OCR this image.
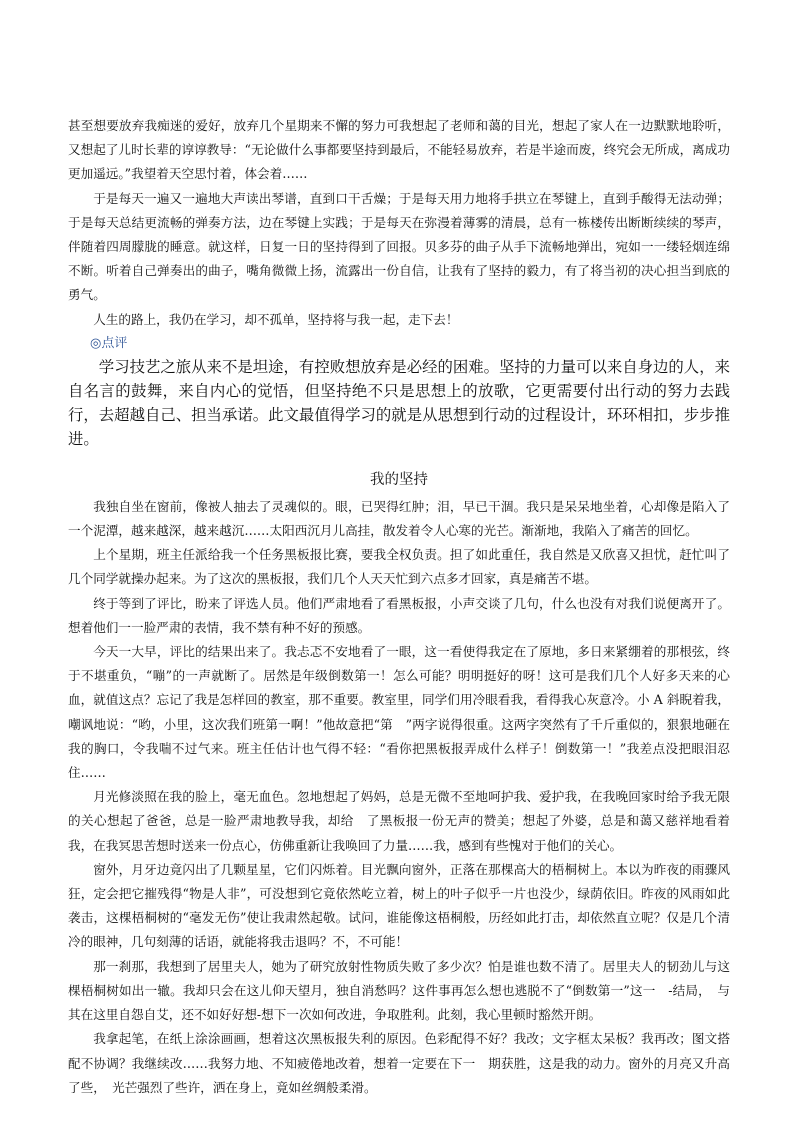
甚至想要放弃我痴迷的爱好，放弃几个星期来不懈的努力可我想起了老师和蔼的目光，想起了家人在一边默默地聆听，又想起了儿时长辈的谆谆教导：“无论做什么事都要坚持到最后，不能轻易放弃，若是半途而废，终究会无所成，离成功更加遥远。”我望着天空思忖着，体会着……

于是每天一遍又一遍地大声读出琴谱，直到口干舌燥；于是每天用力地将手拱立在琴键上，直到手酸得无法动弹；于是每天总结更流畅的弹奏方法，边在琴键上实践；于是每天在弥漫着薄雾的清晨，总有一栋楼传出断断续续的琴声，伴随着四周朦胧的睡意。就这样，日复一日的坚持得到了回报。贝多芬的曲子从手下流畅地弹出，宛如一一缕轻烟连绵不断。听着自己弹奏出的曲子，嘴角微微上扬，流露出一份自信，让我有了坚持的毅力，有了将当初的决心担当到底的勇气。

人生的路上，我仍在学习，却不孤单，坚持将与我一起，走下去！

◎点评

学习技艺之旅从来不是坦途，有控败想放弃是必经的困难。坚持的力量可以来自身边的人，来自名言的鼓舞，来自内心的觉悟，但坚持绝不只是思想上的放歌，它更需要付出行动的努力去践行，去超越自己、担当承诺。此文最值得学习的就是从思想到行动的过程设计，环环相扣，步步推进。

我的坚持

我独自坐在窗前，像被人抽去了灵魂似的。眼，已哭得红肿；泪，早已干涸。我只是呆呆地坐着，心却像是陷入了一个泥潭，越来越深，越来越沉……太阳西沉月儿高挂，散发着令人心寒的光芒。渐渐地，我陷入了痛苦的回忆。

上个星期，班主任派给我一个任务黑板报比赛，要我全权负责。担了如此重任，我自然是又欣喜又担忧，赶忙叫了几个同学就操办起来。为了这次的黑板报，我们几个人天天忙到六点多才回家，真是痛苦不堪。

终于等到了评比，盼来了评选人员。他们严肃地看了看黑板报，小声交谈了几句，什么也没有对我们说便离开了。想着他们一一脸严肃的表情，我不禁有种不好的预感。

今天一大早，评比的结果出来了。我忐忑不安地看了一眼，这一看使得我定在了原地，多日来紧绷着的那根弦，终于不堪重负，“嘣”的一声就断了。居然是年级倒数第一！怎么可能？明明挺好的呀！这可是我们几个人好多天来的心血，就值这点？忘记了我是怎样回的教室，那不重要。教室里，同学们用冷眼看我，看得我心灰意冷。小 A 斜睨着我，嘲讽地说：“哟，小里，这次我们班第一啊！”他故意把“第　”两字说得很重。这两字突然有了千斤重似的，狠狠地砸在我的胸口，令我喘不过气来。班主任估计也气得不轻：“看你把黑板报弄成什么样子！倒数第一！”我差点没把眼泪忍住……

月光修淡照在我的脸上，毫无血色。忽地想起了妈妈，总是无微不至地呵护我、爱护我，在我晚回家时给予我无限的关心想起了爸爸，总是一脸严肃地教导我，却给　了黑板报一份无声的赞美；想起了外婆，总是和蔼又慈祥地看着我，在我冥思苦想时送来一份点心，仿佛重新让我唤回了力量……我，感到有些愧对于他们的关心。

窗外，月牙边竟闪出了几颗星星，它们闪烁着。目光飘向窗外，正落在那棵高大的梧桐树上。本以为昨夜的雨骤风狂，定会把它摧残得“物是人非”，可没想到它竟依然屹立着，树上的叶子似乎一片也没少，绿荫依旧。昨夜的风雨如此袭击，这棵梧桐树的“毫发无伤”使让我肃然起敬。试问，谁能像这梧桐般，历经如此打击，却依然直立呢？仅是几个清冷的眼神，几句刻薄的话语，就能将我击退吗？不，不可能！

那一刹那，我想到了居里夫人，她为了研究放射性物质失败了多少次？怕是谁也数不清了。居里夫人的韧劲儿与这棵梧桐树如出一辙。我却只会在这儿仰天望月，独自消愁吗？这件事再怎么想也逃脱不了“倒数第一”这一　-结局，　与其在这里自怨自艾，还不如好好想-想下一次如何改进，争取胜利。此刻，我心里顿时豁然开朗。

我拿起笔，在纸上涂涂画画，想着这次黑板报失利的原因。色彩配得不好？我改；文字框太呆板？我再改；图文搭配不协调？我继续改……我努力地、不知疲倦地改着，想着一定要在下一　期获胜，这是我的动力。窗外的月亮又升高了些，　光芒强烈了些许，洒在身上，竟如丝绸般柔滑。
